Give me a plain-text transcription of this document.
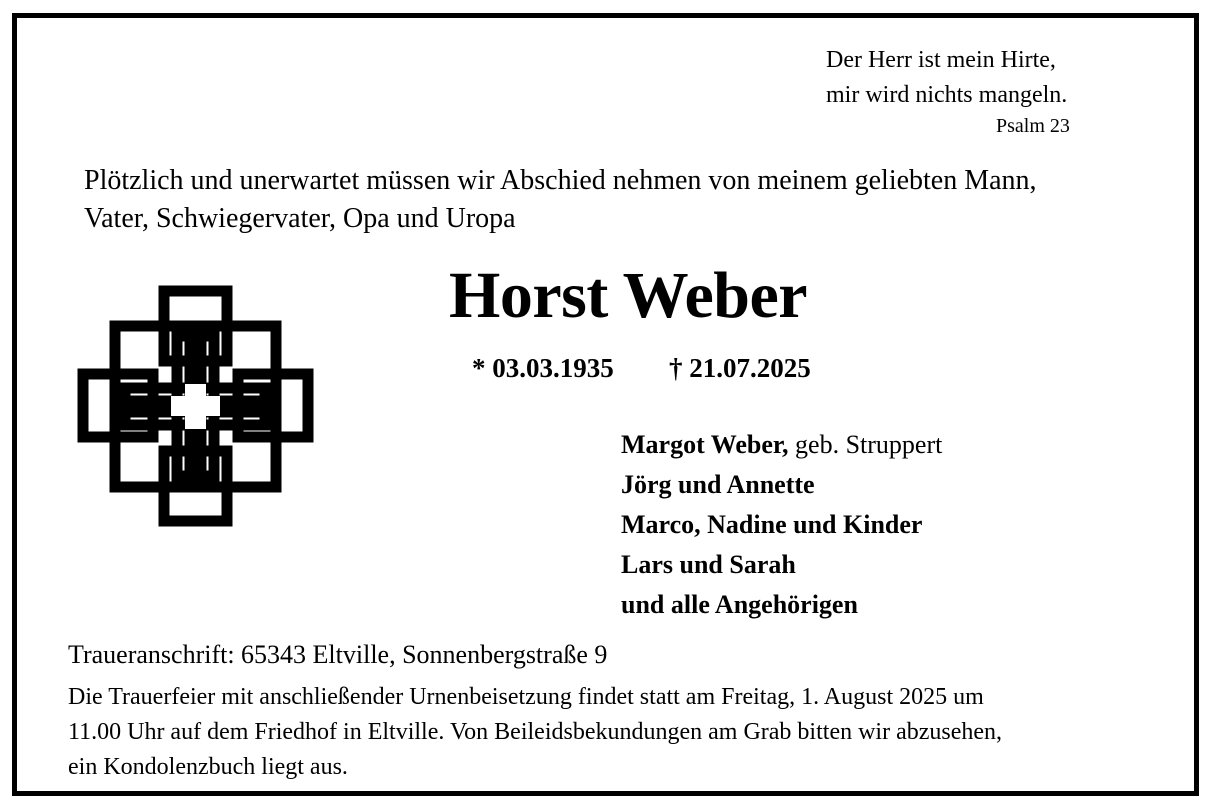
Der Herr ist mein Hirte,
mir wird nichts mangeln.
Psalm 23
Plötzlich und unerwartet müssen wir Abschied nehmen von meinem geliebten Mann,
Vater, Schwiegervater, Opa und Uropa
Horst Weber
* 03.03.1935 † 21.07.2025
Margot Weber, geb. Struppert
Jörg und Annette
Marco, Nadine und Kinder
Lars und Sarah
und alle Angehörigen
Traueranschrift: 65343 Eltville, Sonnenbergstraße 9
Die Trauerfeier mit anschließender Urnenbeisetzung findet statt am Freitag, 1. August 2025 um
11.00 Uhr auf dem Friedhof in Eltville. Von Beileidsbekundungen am Grab bitten wir abzusehen,
ein Kondolenzbuch liegt aus.
